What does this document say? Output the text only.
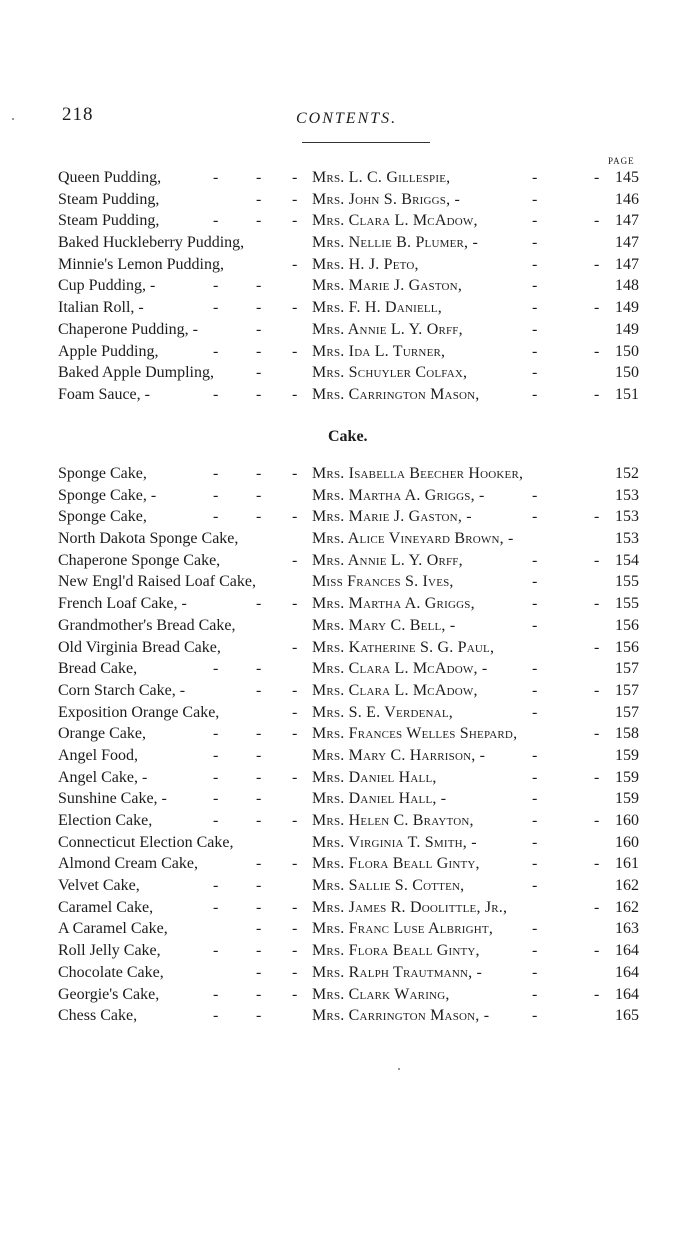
218	CONTENTS.
PAGE
Queen Pudding,	- - - Mrs. L. C. Gillespie,	-	- 145
Steam Pudding,	- - Mrs. John S. Briggs, -	-	146
Steam Pudding,	- - - Mrs. Clara L. McAdow,	-	- 147
Baked Huckleberry Pudding,	Mrs. Nellie B. Plumer, -	-	147
Minnie's Lemon Pudding,	- Mrs. H. J. Peto,	-	- 147
Cup Pudding, -	- -	Mrs. Marie J. Gaston,	-	148
Italian Roll, -	- - - Mrs. F. H. Daniell,	-	- 149
Chaperone Pudding, -	-	Mrs. Annie L. Y. Orff,	-	149
Apple Pudding,	- - - Mrs. Ida L. Turner,	-	- 150
Baked Apple Dumpling,	-	Mrs. Schuyler Colfax,	-	150
Foam Sauce, -	- - - Mrs. Carrington Mason,	-	- 151
Cake.
Sponge Cake,	- - - Mrs. Isabella Beecher Hooker,	152
Sponge Cake, -	- -	Mrs. Martha A. Griggs, -	-	153
Sponge Cake,	- - - Mrs. Marie J. Gaston, -	-	- 153
North Dakota Sponge Cake,	Mrs. Alice Vineyard Brown, -	153
Chaperone Sponge Cake,	- Mrs. Annie L. Y. Orff,	-	- 154
New Engl'd Raised Loaf Cake,	Miss Frances S. Ives,	-	155
French Loaf Cake, -	- - Mrs. Martha A. Griggs,	-	- 155
Grandmother's Bread Cake,	Mrs. Mary C. Bell, -	-	156
Old Virginia Bread Cake,	- Mrs. Katherine S. G. Paul,	- 156
Bread Cake,	- -	Mrs. Clara L. McAdow, -	-	157
Corn Starch Cake, -	- - Mrs. Clara L. McAdow,	-	- 157
Exposition Orange Cake,	- Mrs. S. E. Verdenal,	-	157
Orange Cake,	- - - Mrs. Frances Welles Shepard,	- 158
Angel Food,	- -	Mrs. Mary C. Harrison, -	-	159
Angel Cake, -	- - - Mrs. Daniel Hall,	-	- 159
Sunshine Cake, -	- -	Mrs. Daniel Hall, -	-	159
Election Cake,	- - - Mrs. Helen C. Brayton,	-	- 160
Connecticut Election Cake,	Mrs. Virginia T. Smith, -	-	160
Almond Cream Cake,	- - Mrs. Flora Beall Ginty,	-	- 161
Velvet Cake,	- -	Mrs. Sallie S. Cotten,	-	162
Caramel Cake,	- - - Mrs. James R. Doolittle, Jr.,	- 162
A Caramel Cake,	- - Mrs. Franc Luse Albright, -	163
Roll Jelly Cake,	- - - Mrs. Flora Beall Ginty,	-	- 164
Chocolate Cake,	- - Mrs. Ralph Trautmann, -	-	164
Georgie's Cake,	- - - Mrs. Clark Waring,	-	- 164
Chess Cake,	- -	Mrs. Carrington Mason, -	-	165
